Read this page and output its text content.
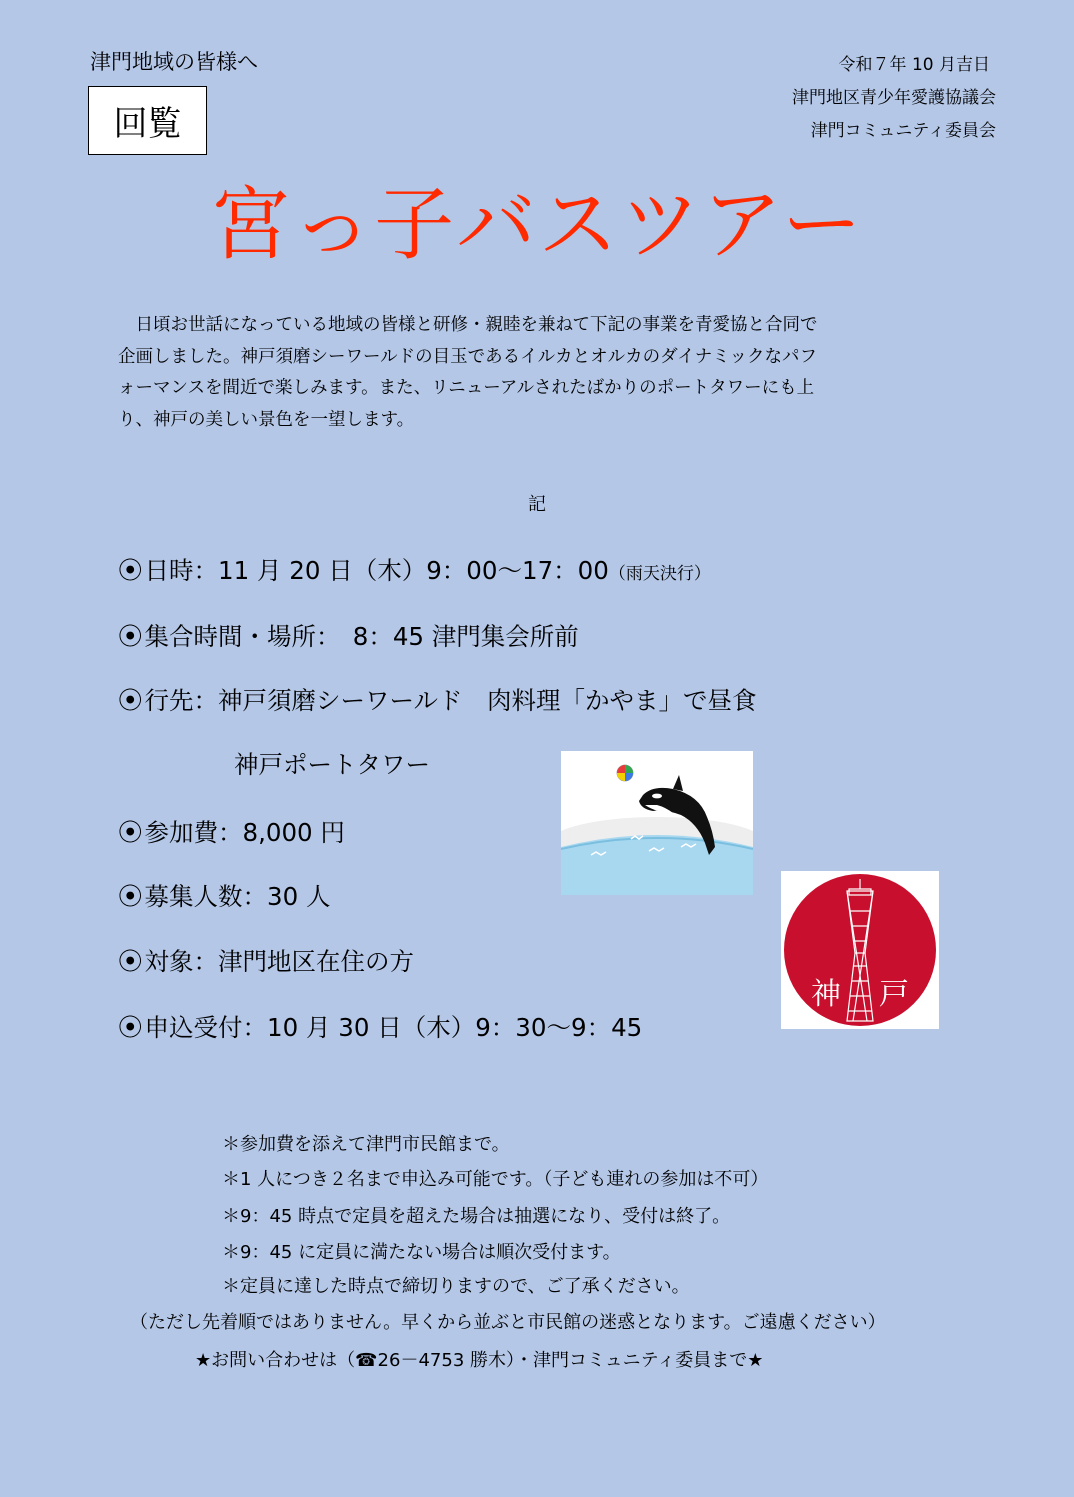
津門地域の皆様へ	令和７年 10 月吉日
津門地区青少年愛護協議会
津門コミュニティ委員会
回覧
宮っ子バスツアー
　日頃お世話になっている地域の皆様と研修・親睦を兼ねて下記の事業を青愛協と合同で
企画しました。神戸須磨シーワールドの目玉であるイルカとオルカのダイナミックなパフ
ォーマンスを間近で楽しみます。また、リニューアルされたばかりのポートタワーにも上
り、神戸の美しい景色を一望します。
記
⦿日時：11 月 20 日（木）9：00～17：00（雨天決行）
⦿集合時間・場所：　8：45 津門集会所前
⦿行先：神戸須磨シーワールド　肉料理「かやま」で昼食
神戸ポートタワー
⦿参加費：8,000 円
⦿募集人数：30 人
⦿対象：津門地区在住の方
⦿申込受付：10 月 30 日（木）9：30～9：45
＊参加費を添えて津門市民館まで。
＊1 人につき２名まで申込み可能です。（子ども連れの参加は不可）
＊9：45 時点で定員を超えた場合は抽選になり、受付は終了。
＊9：45 に定員に満たない場合は順次受付ます。
＊定員に達した時点で締切りますので、ご了承ください。
（ただし先着順ではありません。早くから並ぶと市民館の迷惑となります。ご遠慮ください）
★お問い合わせは（☎26－4753 勝木）・津門コミュニティ委員まで★
神 戸
